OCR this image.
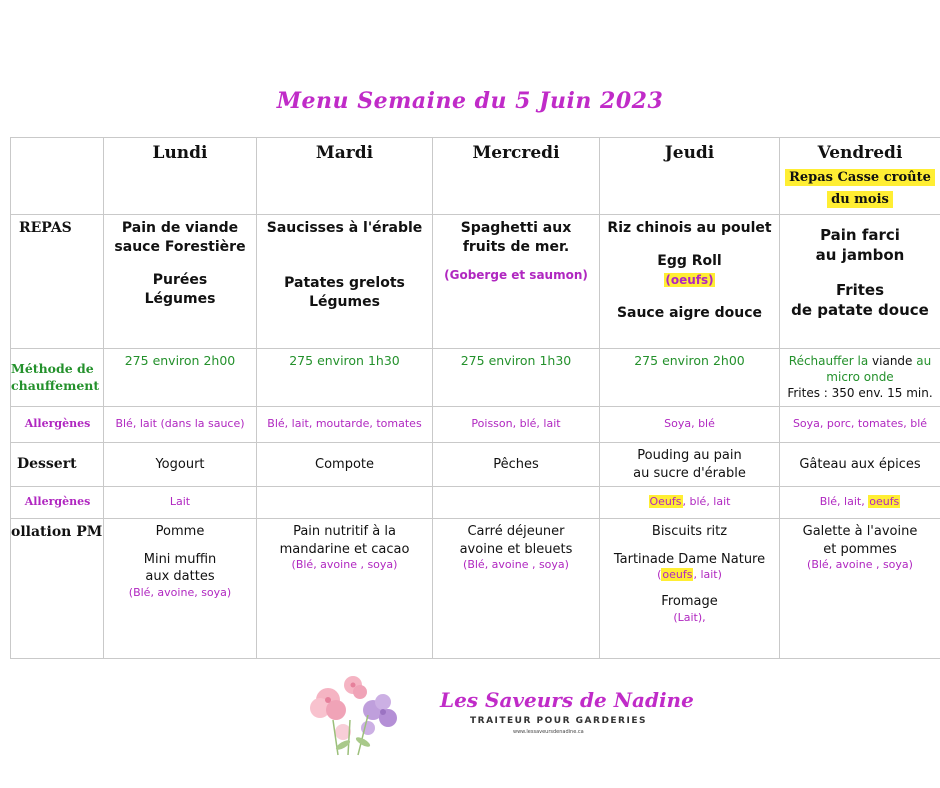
Menu Semaine du 5 Juin 2023
	Lundi	Mardi	Mercredi	Jeudi	Vendredi
Repas Casse croûte
du mois
REPAS	Pain de viande
sauce Forestière
Purées
Légumes	Saucisses à l'érable
Patates grelots
Légumes	Spaghetti aux
fruits de mer.
(Goberge et saumon)	Riz chinois au poulet
Egg Roll
(oeufs)
Sauce aigre douce	Pain farci
au jambon
Frites
de patate douce

Méthode de
chauffement	275 environ 2h00	275 environ 1h30	275 environ 1h30	275 environ 2h00	Réchauffer la viande au
micro onde
Frites : 350 env. 15 min.

Allergènes	Blé, lait (dans la sauce)	Blé, lait, moutarde, tomates	Poisson, blé, lait	Soya, blé	Soya, porc, tomates, blé
Dessert	Yogourt	Compote	Pêches	Pouding au pain
au sucre d'érable	Gâteau aux épices
Allergènes	Lait			Oeufs, blé, lait	Blé, lait, oeufs
ollation PM	Pomme
Mini muffin
aux dattes
(Blé, avoine, soya)	Pain nutritif à la
mandarine et cacao
(Blé, avoine , soya)	Carré déjeuner
avoine et bleuets
(Blé, avoine , soya)	Biscuits ritz
Tartinade Dame Nature
(oeufs, lait)
Fromage
(Lait),	Galette à l'avoine
et pommes
(Blé, avoine , soya)
Les Saveurs de Nadine
TRAITEUR POUR GARDERIES
www.lessaveursdenadine.ca
